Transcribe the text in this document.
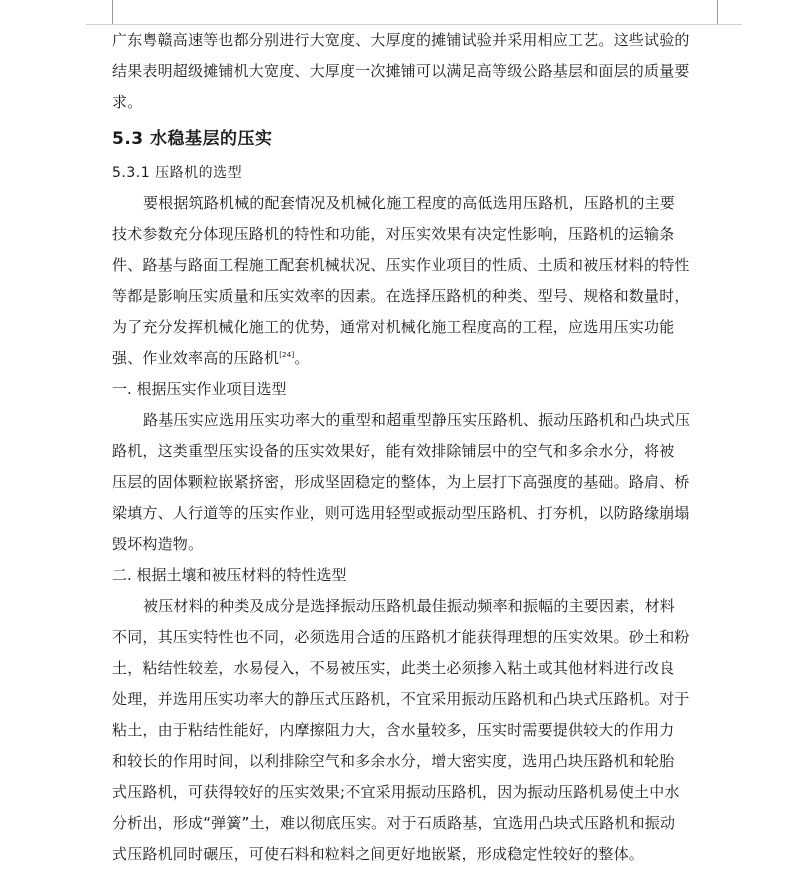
广东粤赣高速等也都分别进行大宽度、大厚度的摊铺试验并采用相应工艺。这些试验的
结果表明超级摊铺机大宽度、大厚度一次摊铺可以满足高等级公路基层和面层的质量要
求。
5.3 水稳基层的压实
5.3.1 压路机的选型
要根据筑路机械的配套情况及机械化施工程度的高低选用压路机，压路机的主要
技术参数充分体现压路机的特性和功能，对压实效果有决定性影响，压路机的运输条
件、路基与路面工程施工配套机械状况、压实作业项目的性质、土质和被压材料的特性
等都是影响压实质量和压实效率的因素。在选择压路机的种类、型号、规格和数量时，
为了充分发挥机械化施工的优势，通常对机械化施工程度高的工程，应选用压实功能
强、作业效率高的压路机[24]。
一. 根据压实作业项目选型
路基压实应选用压实功率大的重型和超重型静压实压路机、振动压路机和凸块式压
路机，这类重型压实设备的压实效果好，能有效排除铺层中的空气和多余水分，将被
压层的固体颗粒嵌紧挤密，形成坚固稳定的整体，为上层打下高强度的基础。路肩、桥
梁填方、人行道等的压实作业，则可选用轻型或振动型压路机、打夯机，以防路缘崩塌
毁坏构造物。
二. 根据土壤和被压材料的特性选型
被压材料的种类及成分是选择振动压路机最佳振动频率和振幅的主要因素，材料
不同，其压实特性也不同，必须选用合适的压路机才能获得理想的压实效果。砂土和粉
土，粘结性较差，水易侵入，不易被压实，此类土必须掺入粘土或其他材料进行改良
处理，并选用压实功率大的静压式压路机，不宜采用振动压路机和凸块式压路机。对于
粘土，由于粘结性能好，内摩擦阻力大，含水量较多，压实时需要提供较大的作用力
和较长的作用时间，以利排除空气和多余水分，增大密实度，选用凸块压路机和轮胎
式压路机，可获得较好的压实效果;不宜采用振动压路机，因为振动压路机易使土中水
分析出，形成“弹簧”土，难以彻底压实。对于石质路基，宜选用凸块式压路机和振动
式压路机同时碾压，可使石料和粒料之间更好地嵌紧，形成稳定性较好的整体。
